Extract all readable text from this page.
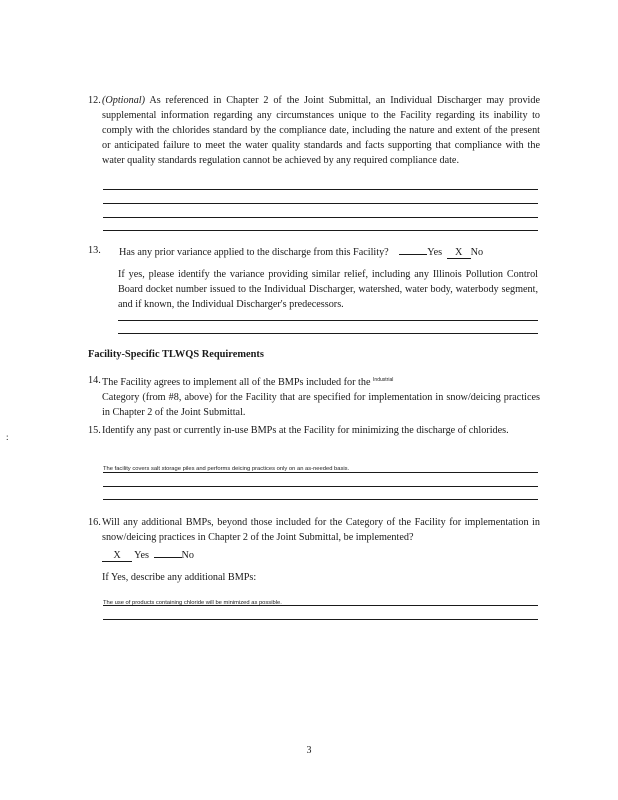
12. (Optional) As referenced in Chapter 2 of the Joint Submittal, an Individual Discharger may provide supplemental information regarding any circumstances unique to the Facility regarding its inability to comply with the chlorides standard by the compliance date, including the nature and extent of the present or anticipated failure to meet the water quality standards and facts supporting that compliance with the water quality standards regulation cannot be achieved by any required compliance date.
13. Has any prior variance applied to the discharge from this Facility?	Yes X No
If yes, please identify the variance providing similar relief, including any Illinois Pollution Control Board docket number issued to the Individual Discharger, watershed, water body, waterbody segment, and if known, the Individual Discharger's predecessors.
Facility-Specific TLWQS Requirements
14. The Facility agrees to implement all of the BMPs included for the $^{Industrial}$
Category (from #8, above) for the Facility that are specified for implementation in snow/deicing practices in Chapter 2 of the Joint Submittal.
15. Identify any past or currently in-use BMPs at the Facility for minimizing the discharge of chlorides.
The facility covers salt storage piles and performs deicing practices only on an as-needed basis.
16. Will any additional BMPs, beyond those included for the Category of the Facility for implementation in snow/deicing practices in Chapter 2 of the Joint Submittal, be implemented?
X Yes	No
If Yes, describe any additional BMPs:
The use of products containing chloride will be minimized as possible.
:
3
